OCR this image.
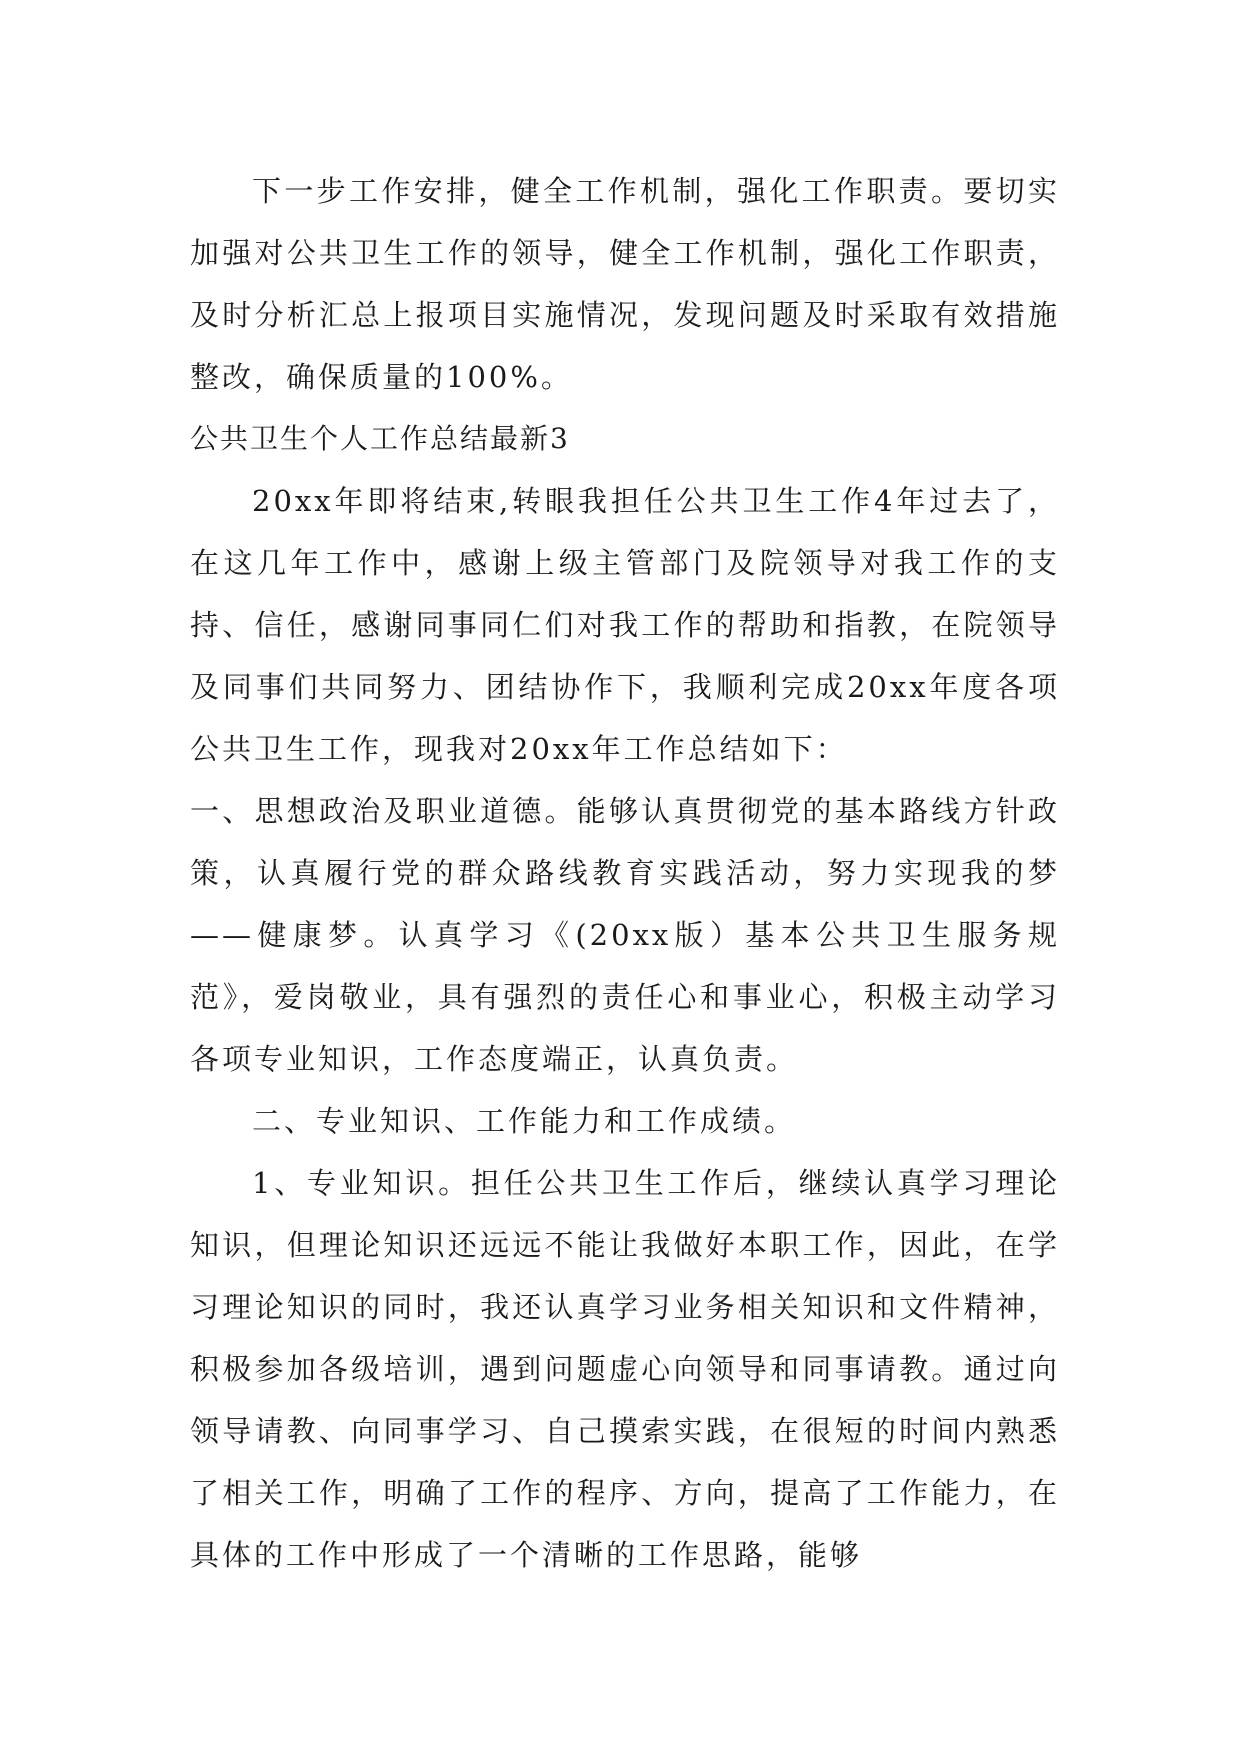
下一步工作安排，健全工作机制，强化工作职责。要切实加强对公共卫生工作的领导，健全工作机制，强化工作职责，及时分析汇总上报项目实施情况，发现问题及时采取有效措施整改，确保质量的100%。

公共卫生个人工作总结最新3

20xx年即将结束,转眼我担任公共卫生工作4年过去了，在这几年工作中，感谢上级主管部门及院领导对我工作的支持、信任，感谢同事同仁们对我工作的帮助和指教，在院领导及同事们共同努力、团结协作下，我顺利完成20xx年度各项公共卫生工作，现我对20xx年工作总结如下：

一、思想政治及职业道德。能够认真贯彻党的基本路线方针政策，认真履行党的群众路线教育实践活动，努力实现我的梦——健康梦。认真学习《(20xx版）基本公共卫生服务规范》，爱岗敬业，具有强烈的责任心和事业心，积极主动学习各项专业知识，工作态度端正，认真负责。

二、专业知识、工作能力和工作成绩。

1、专业知识。担任公共卫生工作后，继续认真学习理论知识，但理论知识还远远不能让我做好本职工作，因此，在学习理论知识的同时，我还认真学习业务相关知识和文件精神，积极参加各级培训，遇到问题虚心向领导和同事请教。通过向领导请教、向同事学习、自己摸索实践，在很短的时间内熟悉了相关工作，明确了工作的程序、方向，提高了工作能力，在具体的工作中形成了一个清晰的工作思路，能够
